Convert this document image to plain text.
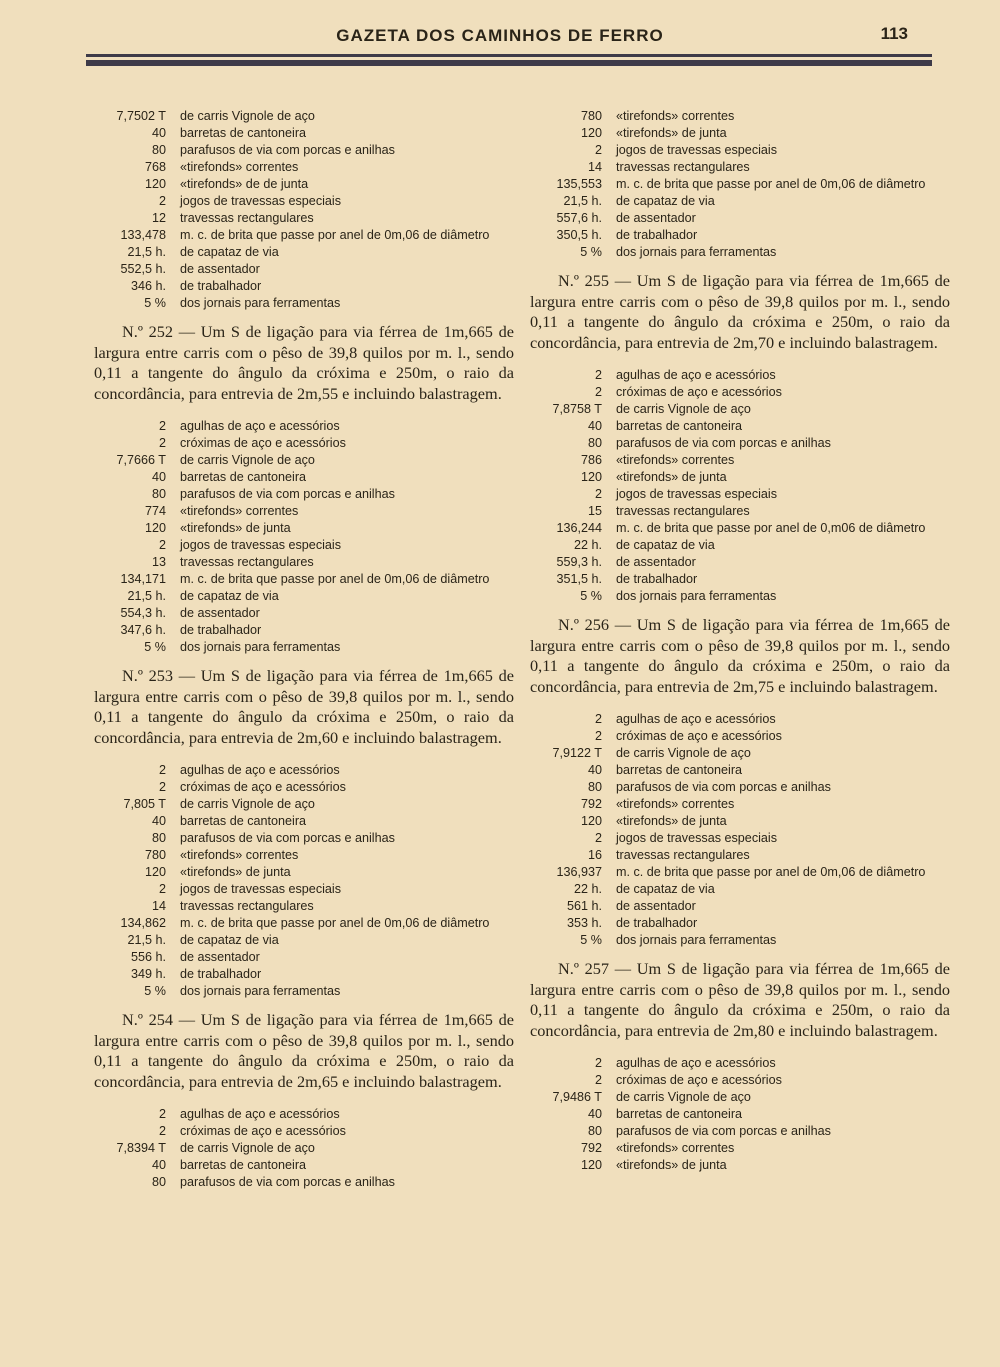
GAZETA DOS CAMINHOS DE FERRO	113
7,7502 T	de carris Vignole de aço
40	barretas de cantoneira
80	parafusos de via com porcas e anilhas
768	«tirefonds» correntes
120	«tirefonds» de de junta
2	jogos de travessas especiais
12	travessas rectangulares
133,478	m. c. de brita que passe por anel de 0m,06 de diâmetro
21,5 h.	de capataz de via
552,5 h.	de assentador
346 h.	de trabalhador
5 %	dos jornais para ferramentas

N.º 252 — Um S de ligação para via férrea de 1m,665 de largura entre carris com o pêso de 39,8 quilos por m. l., sendo 0,11 a tangente do ângulo da cróxima e 250m, o raio da concordância, para entrevia de 2m,55 e incluindo balastragem.

2	agulhas de aço e acessórios
2	cróximas de aço e acessórios
7,7666 T	de carris Vignole de aço
40	barretas de cantoneira
80	parafusos de via com porcas e anilhas
774	«tirefonds» correntes
120	«tirefonds» de junta
2	jogos de travessas especiais
13	travessas rectangulares
134,171	m. c. de brita que passe por anel de 0m,06 de diâmetro
21,5 h.	de capataz de via
554,3 h.	de assentador
347,6 h.	de trabalhador
5 %	dos jornais para ferramentas

N.º 253 — Um S de ligação para via férrea de 1m,665 de largura entre carris com o pêso de 39,8 quilos por m. l., sendo 0,11 a tangente do ângulo da cróxima e 250m, o raio da concordância, para entrevia de 2m,60 e incluindo balastragem.

2	agulhas de aço e acessórios
2	cróximas de aço e acessórios
7,805 T	de carris Vignole de aço
40	barretas de cantoneira
80	parafusos de via com porcas e anilhas
780	«tirefonds» correntes
120	«tirefonds» de junta
2	jogos de travessas especiais
14	travessas rectangulares
134,862	m. c. de brita que passe por anel de 0m,06 de diâmetro
21,5 h.	de capataz de via
556 h.	de assentador
349 h.	de trabalhador
5 %	dos jornais para ferramentas

N.º 254 — Um S de ligação para via férrea de 1m,665 de largura entre carris com o pêso de 39,8 quilos por m. l., sendo 0,11 a tangente do ângulo da cróxima e 250m, o raio da concordância, para entrevia de 2m,65 e incluindo balastragem.

2	agulhas de aço e acessórios
2	cróximas de aço e acessórios
7,8394 T	de carris Vignole de aço
40	barretas de cantoneira
80	parafusos de via com porcas e anilhas
780	«tirefonds» correntes
120	«tirefonds» de junta
2	jogos de travessas especiais
14	travessas rectangulares
135,553	m. c. de brita que passe por anel de 0m,06 de diâmetro
21,5 h.	de capataz de via
557,6 h.	de assentador
350,5 h.	de trabalhador
5 %	dos jornais para ferramentas

N.º 255 — Um S de ligação para via férrea de 1m,665 de largura entre carris com o pêso de 39,8 quilos por m. l., sendo 0,11 a tangente do ângulo da cróxima e 250m, o raio da concordância, para entrevia de 2m,70 e incluindo balastragem.

2	agulhas de aço e acessórios
2	cróximas de aço e acessórios
7,8758 T	de carris Vignole de aço
40	barretas de cantoneira
80	parafusos de via com porcas e anilhas
786	«tirefonds» correntes
120	«tirefonds» de junta
2	jogos de travessas especiais
15	travessas rectangulares
136,244	m. c. de brita que passe por anel de 0,m06 de diâmetro
22 h.	de capataz de via
559,3 h.	de assentador
351,5 h.	de trabalhador
5 %	dos jornais para ferramentas

N.º 256 — Um S de ligação para via férrea de 1m,665 de largura entre carris com o pêso de 39,8 quilos por m. l., sendo 0,11 a tangente do ângulo da cróxima e 250m, o raio da concordância, para entrevia de 2m,75 e incluindo balastragem.

2	agulhas de aço e acessórios
2	cróximas de aço e acessórios
7,9122 T	de carris Vignole de aço
40	barretas de cantoneira
80	parafusos de via com porcas e anilhas
792	«tirefonds» correntes
120	«tirefonds» de junta
2	jogos de travessas especiais
16	travessas rectangulares
136,937	m. c. de brita que passe por anel de 0m,06 de diâmetro
22 h.	de capataz de via
561 h.	de assentador
353 h.	de trabalhador
5 %	dos jornais para ferramentas

N.º 257 — Um S de ligação para via férrea de 1m,665 de largura entre carris com o pêso de 39,8 quilos por m. l., sendo 0,11 a tangente do ângulo da cróxima e 250m, o raio da concordância, para entrevia de 2m,80 e incluindo balastragem.

2	agulhas de aço e acessórios
2	cróximas de aço e acessórios
7,9486 T	de carris Vignole de aço
40	barretas de cantoneira
80	parafusos de via com porcas e anilhas
792	«tirefonds» correntes
120	«tirefonds» de junta
